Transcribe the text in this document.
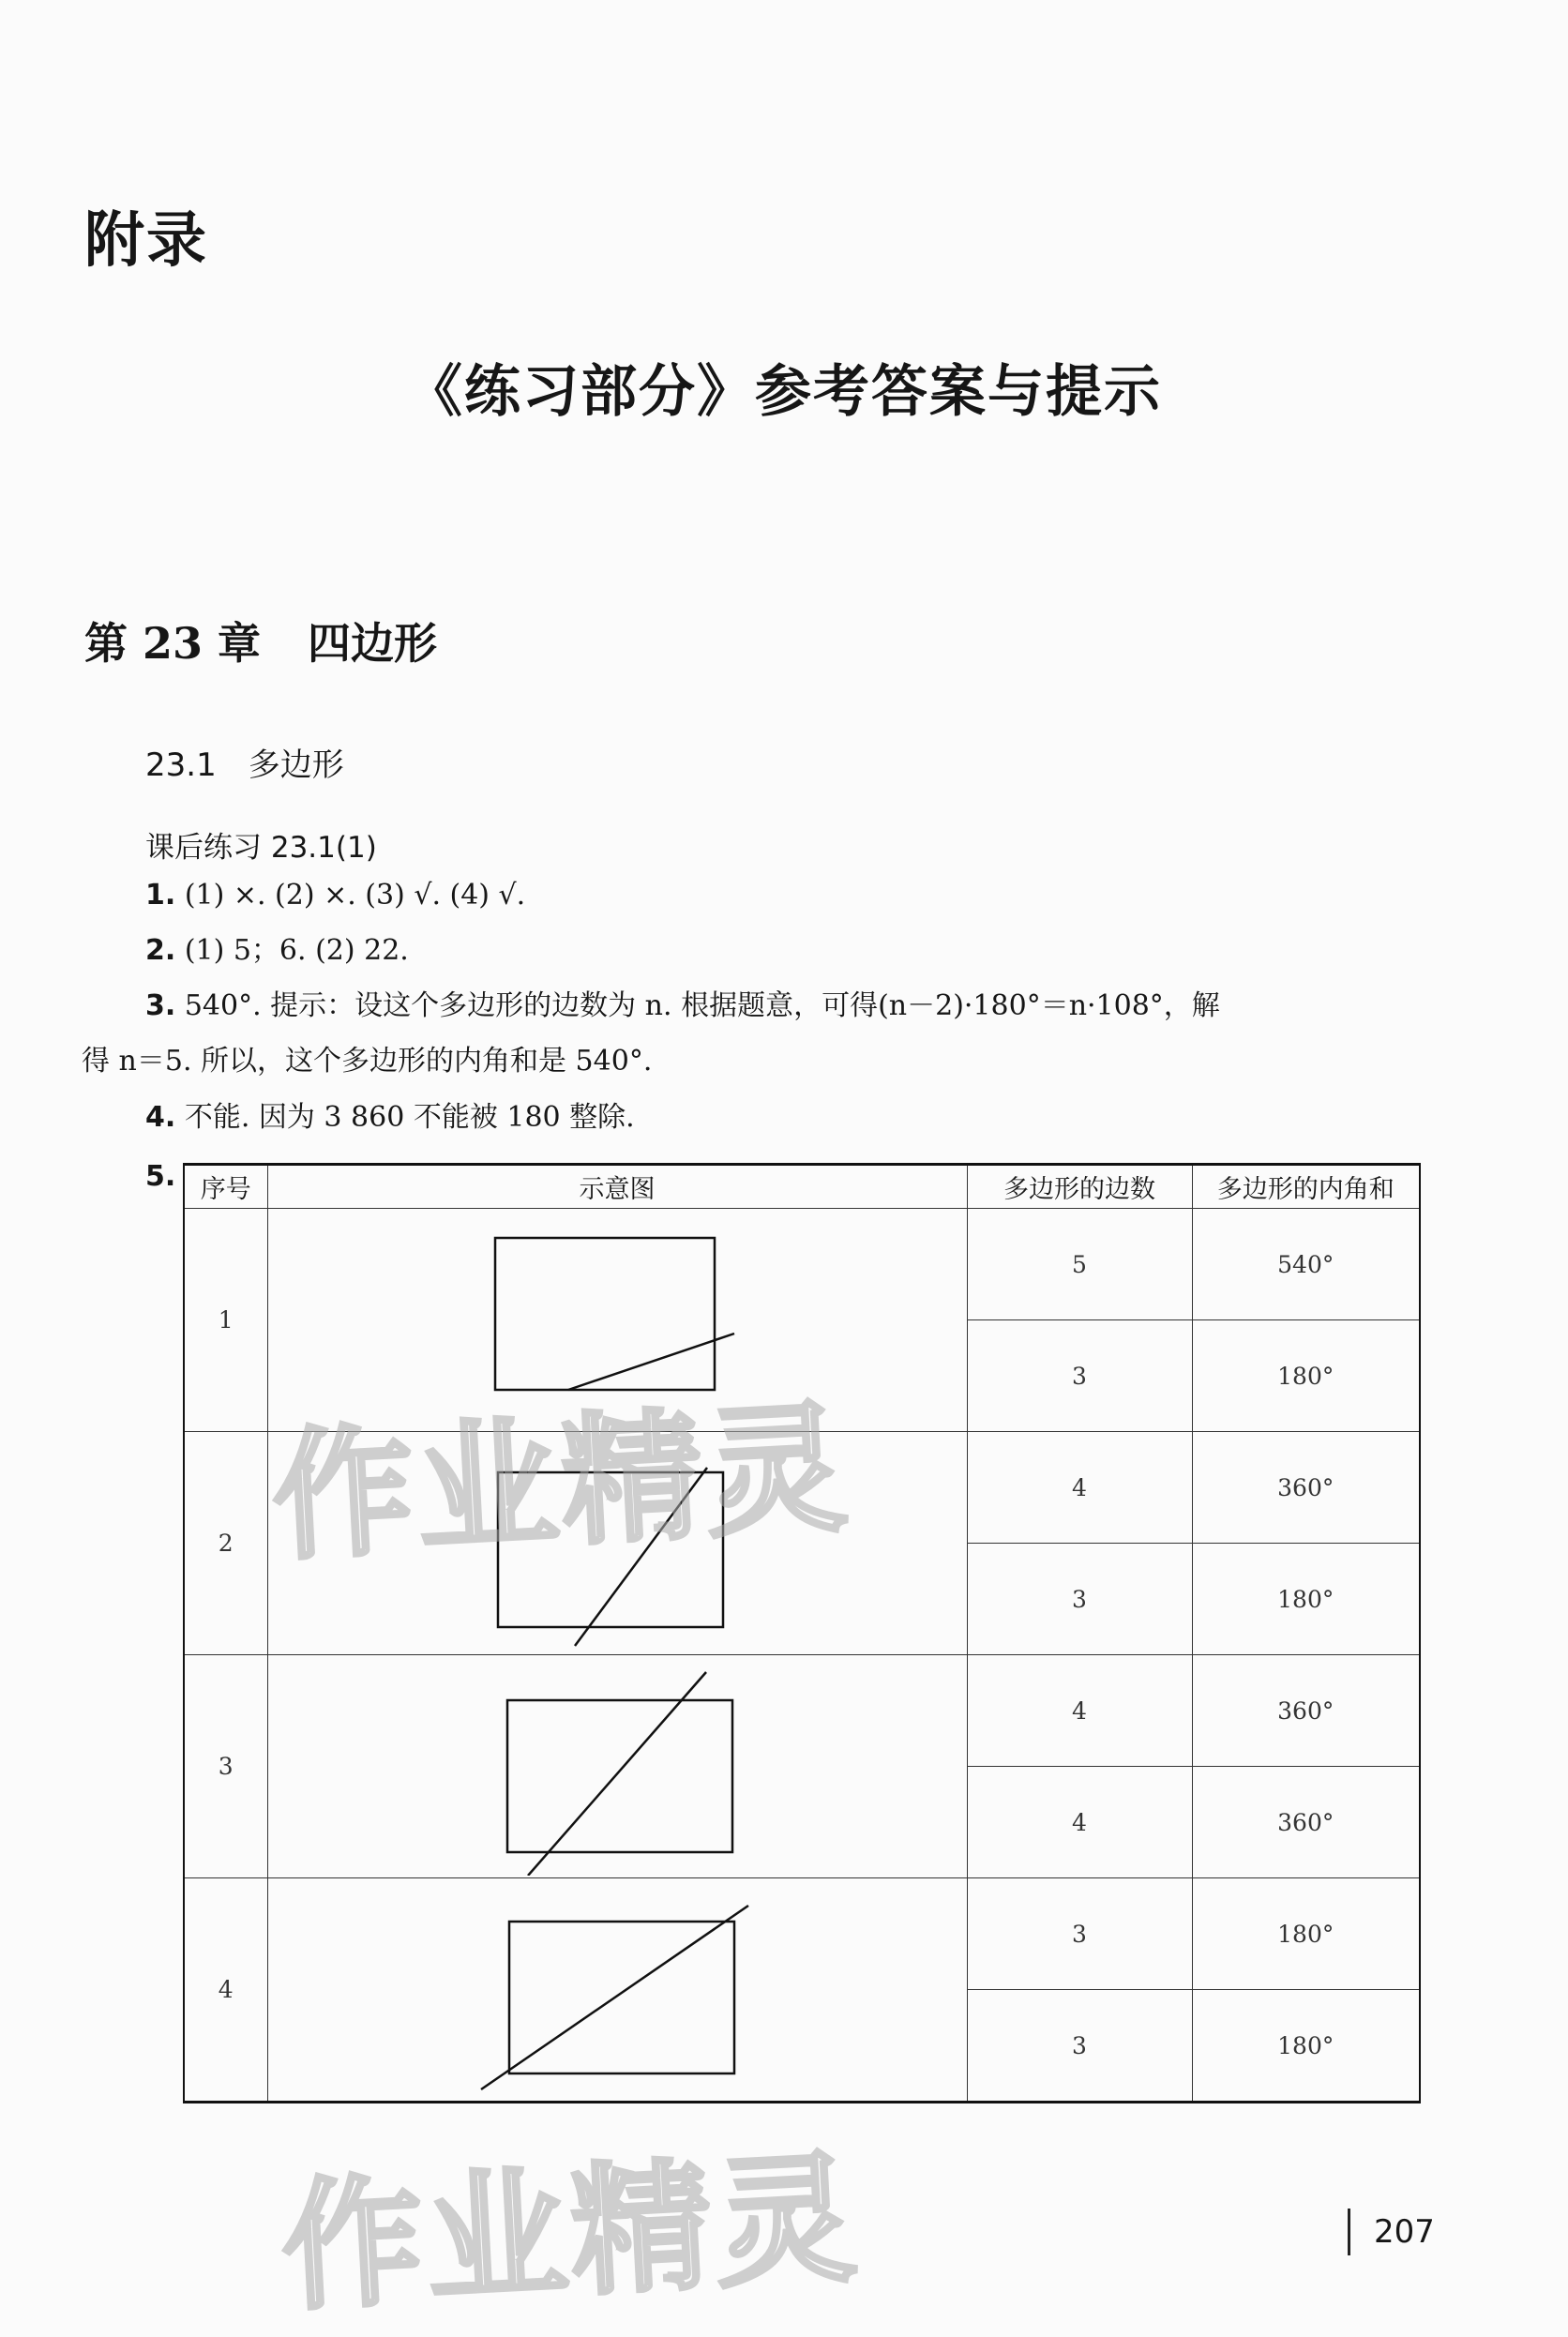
附录
《练习部分》参考答案与提示
第 23 章 四边形
23.1 多边形
课后练习 23.1(1)
1. (1) ×. (2) ×. (3) √. (4) √.
2. (1) 5；6. (2) 22.
3. 540°. 提示：设这个多边形的边数为 n. 根据题意，可得(n－2)·180°＝n·108°，解
得 n＝5. 所以，这个多边形的内角和是 540°.
4. 不能. 因为 3 860 不能被 180 整除.
5. 序号	示意图	多边形的边数	多边形的内角和
1		5	540°
		3	180°
2		4	360°
		3	180°
3		4	360°
		4	360°
4		3	180°
		3	180°
作业精灵
作业精灵	207
